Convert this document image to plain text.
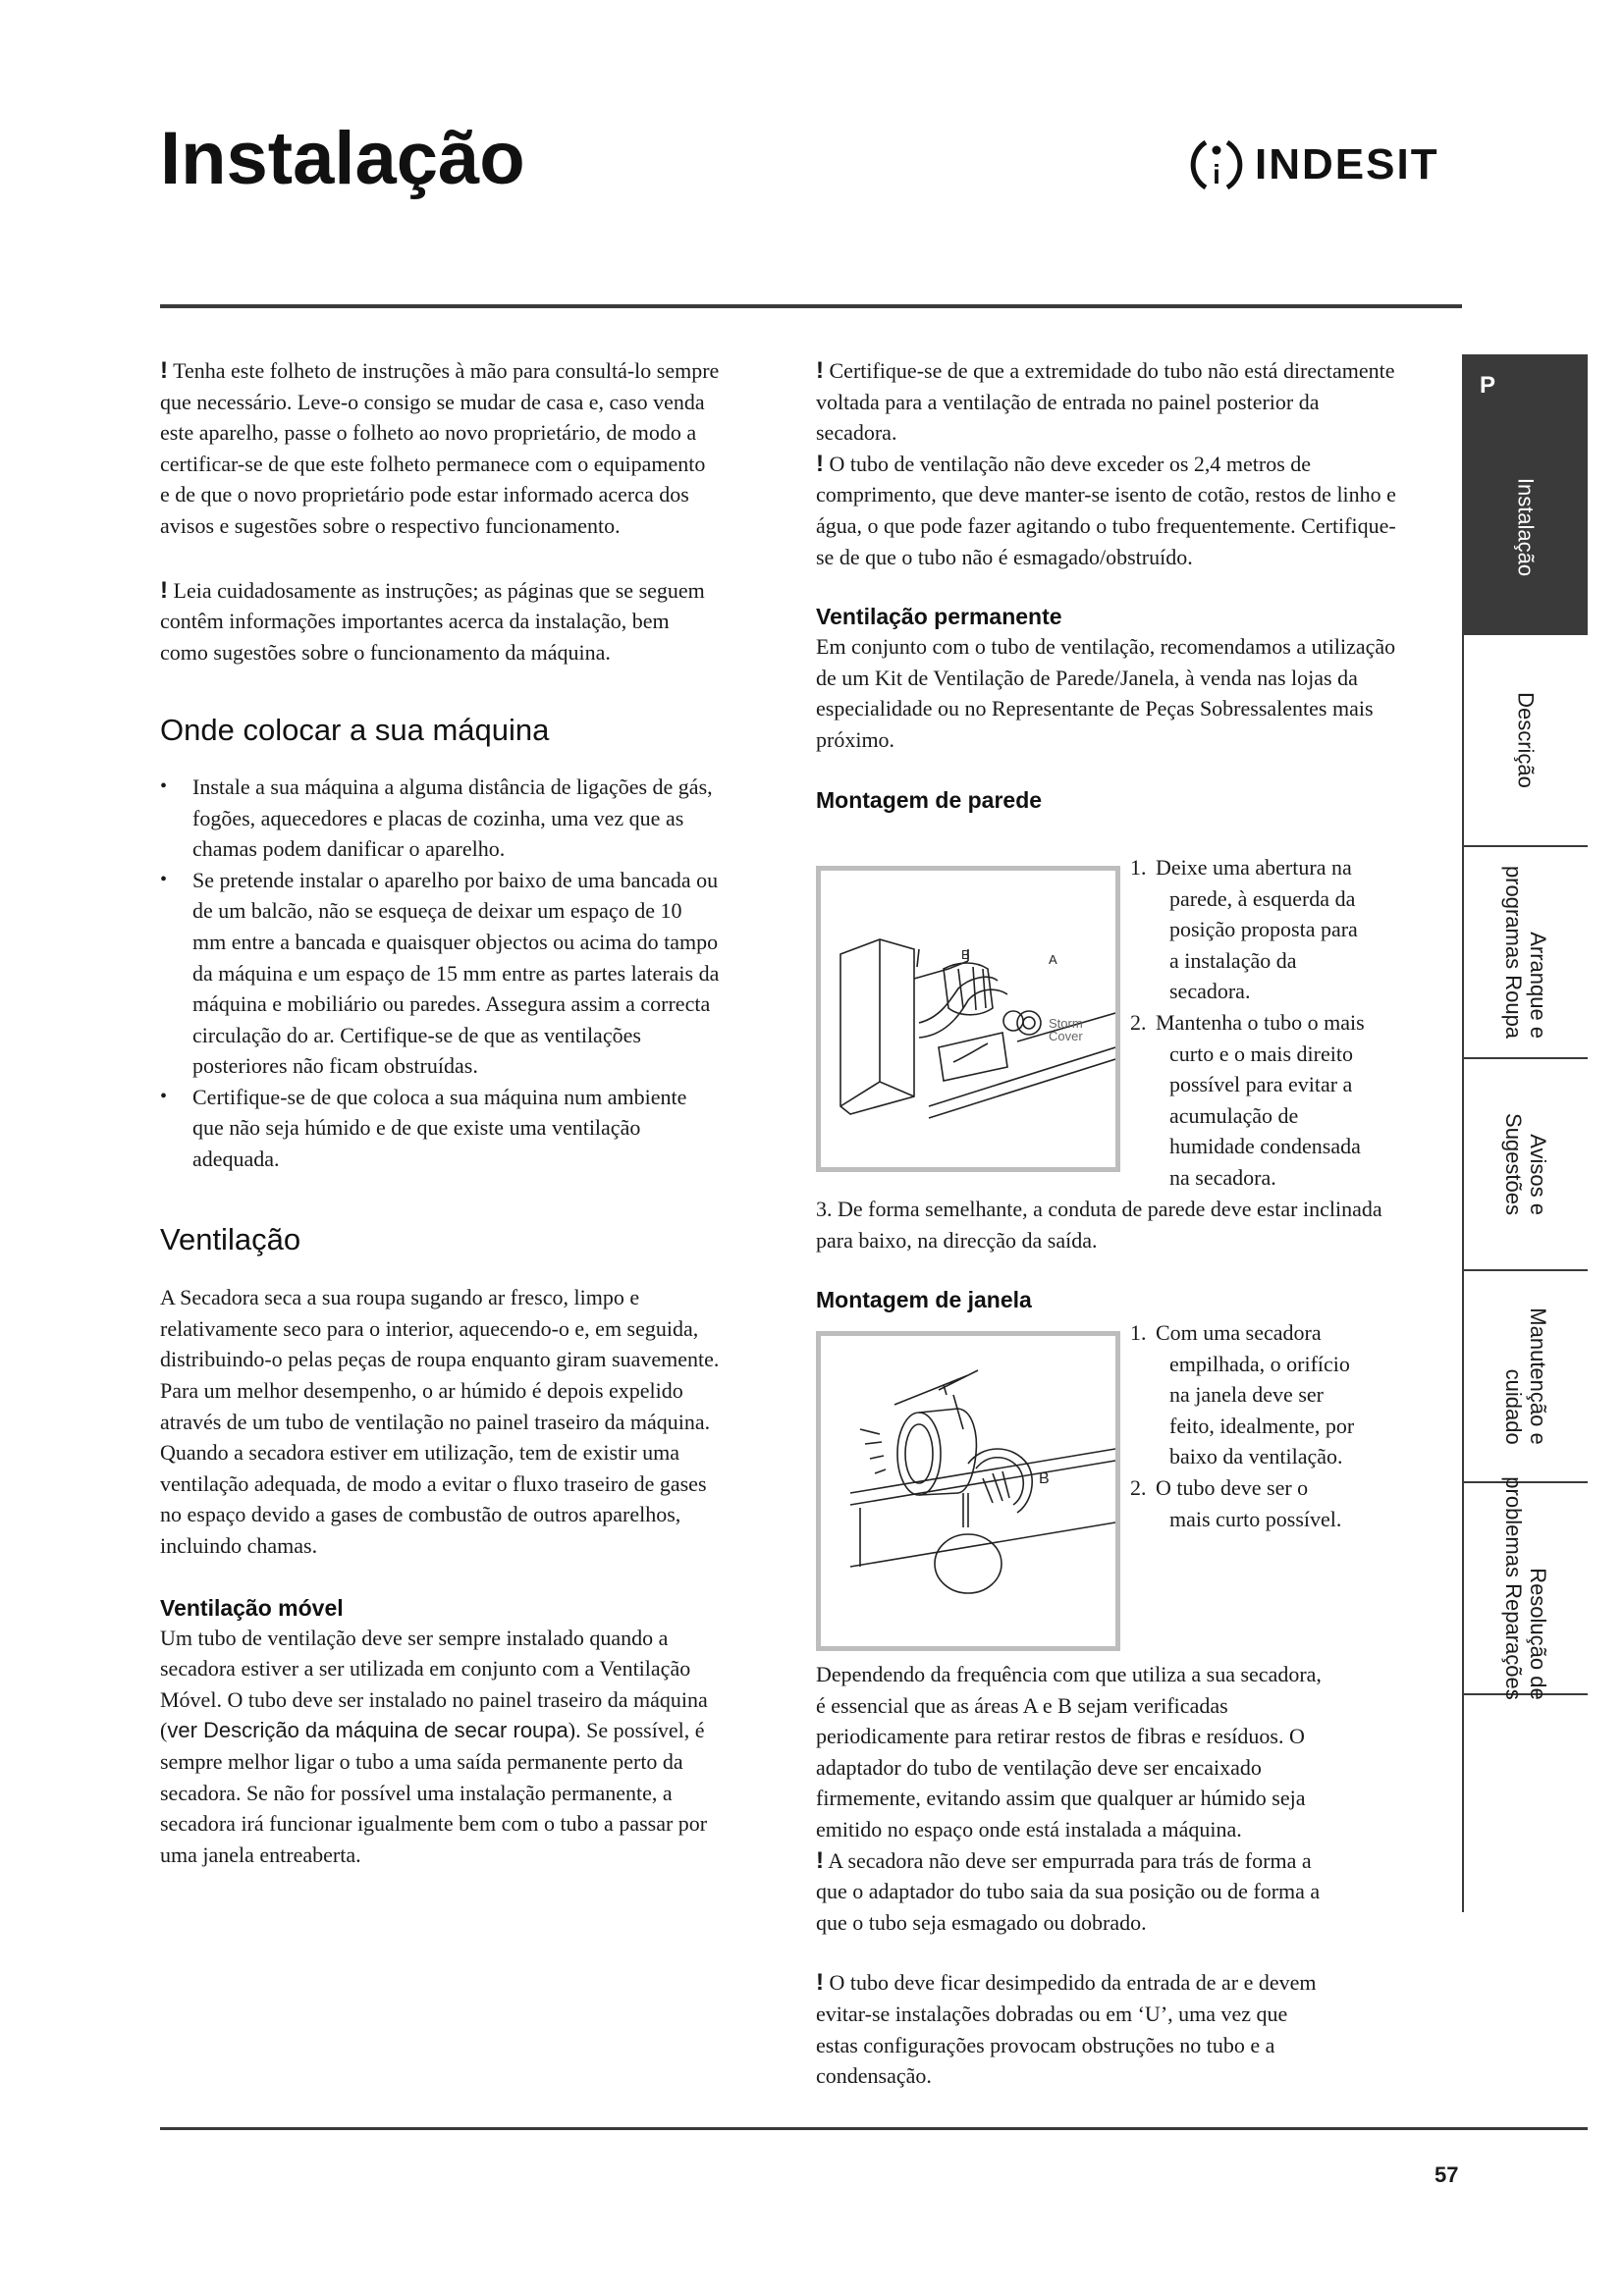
Instalação	i INDESIT

! Tenha este folheto de instruções à mão para consultá-lo sempre que necessário. Leve-o consigo se mudar de casa e, caso venda este aparelho, passe o folheto ao novo proprietário, de modo a certificar-se de que este folheto permanece com o equipamento e de que o novo proprietário pode estar informado acerca dos avisos e sugestões sobre o respectivo funcionamento.

! Leia cuidadosamente as instruções; as páginas que se seguem contêm informações importantes acerca da instalação, bem como sugestões sobre o funcionamento da máquina.

Onde colocar a sua máquina
• Instale a sua máquina a alguma distância de ligações de gás, fogões, aquecedores e placas de cozinha, uma vez que as chamas podem danificar o aparelho.
• Se pretende instalar o aparelho por baixo de uma bancada ou de um balcão, não se esqueça de deixar um espaço de 10 mm entre a bancada e quaisquer objectos ou acima do tampo da máquina e um espaço de 15 mm entre as partes laterais da máquina e mobiliário ou paredes. Assegura assim a correcta circulação do ar. Certifique-se de que as ventilações posteriores não ficam obstruídas.
• Certifique-se de que coloca a sua máquina num ambiente que não seja húmido e de que existe uma ventilação adequada.
Ventilação

A Secadora seca a sua roupa sugando ar fresco, limpo e relativamente seco para o interior, aquecendo-o e, em seguida, distribuindo-o pelas peças de roupa enquanto giram suavemente. Para um melhor desempenho, o ar húmido é depois expelido através de um tubo de ventilação no painel traseiro da máquina. Quando a secadora estiver em utilização, tem de existir uma ventilação adequada, de modo a evitar o fluxo traseiro de gases no espaço devido a gases de combustão de outros aparelhos, incluindo chamas.

Ventilação móvel

Um tubo de ventilação deve ser sempre instalado quando a secadora estiver a ser utilizada em conjunto com a Ventilação Móvel. O tubo deve ser instalado no painel traseiro da máquina (ver Descrição da máquina de secar roupa). Se possível, é sempre melhor ligar o tubo a uma saída permanente perto da secadora. Se não for possível uma instalação permanente, a secadora irá funcionar igualmente bem com o tubo a passar por uma janela entreaberta.

! Certifique-se de que a extremidade do tubo não está directamente voltada para a ventilação de entrada no painel posterior da secadora.

! O tubo de ventilação não deve exceder os 2,4 metros de comprimento, que deve manter-se isento de cotão, restos de linho e água, o que pode fazer agitando o tubo frequentemente. Certifique-se de que o tubo não é esmagado/obstruído.

Ventilação permanente

Em conjunto com o tubo de ventilação, recomendamos a utilização de um Kit de Ventilação de Parede/Janela, à venda nas lojas da especialidade ou no Representante de Peças Sobressalentes mais próximo.

Montagem de parede
B	A
Storm
Cover
1. Deixe uma abertura na
parede, à esquerda da
posição proposta para
a instalação da
secadora.
2. Mantenha o tubo o mais
curto e o mais direito
possível para evitar a
acumulação de
humidade condensada
na secadora.

3. De forma semelhante, a conduta de parede deve estar inclinada para baixo, na direcção da saída.

Montagem de janela
B
1. Com uma secadora
empilhada, o orifício
na janela deve ser
feito, idealmente, por
baixo da ventilação.
2. O tubo deve ser o
mais curto possível.

Dependendo da frequência com que utiliza a sua secadora, é essencial que as áreas A e B sejam verificadas periodicamente para retirar restos de fibras e resíduos. O adaptador do tubo de ventilação deve ser encaixado firmemente, evitando assim que qualquer ar húmido seja emitido no espaço onde está instalada a máquina.

! A secadora não deve ser empurrada para trás de forma a que o adaptador do tubo saia da sua posição ou de forma a que o tubo seja esmagado ou dobrado.

! O tubo deve ficar desimpedido da entrada de ar e devem evitar-se instalações dobradas ou em ‘U’, uma vez que estas configurações provocam obstruções no tubo e a condensação.

P
Instalação
Descrição
Arranque e
programas Roupa
Avisos e
Sugestões
Manutenção e
cuidado
Resolução de
problemas Reparações
57
